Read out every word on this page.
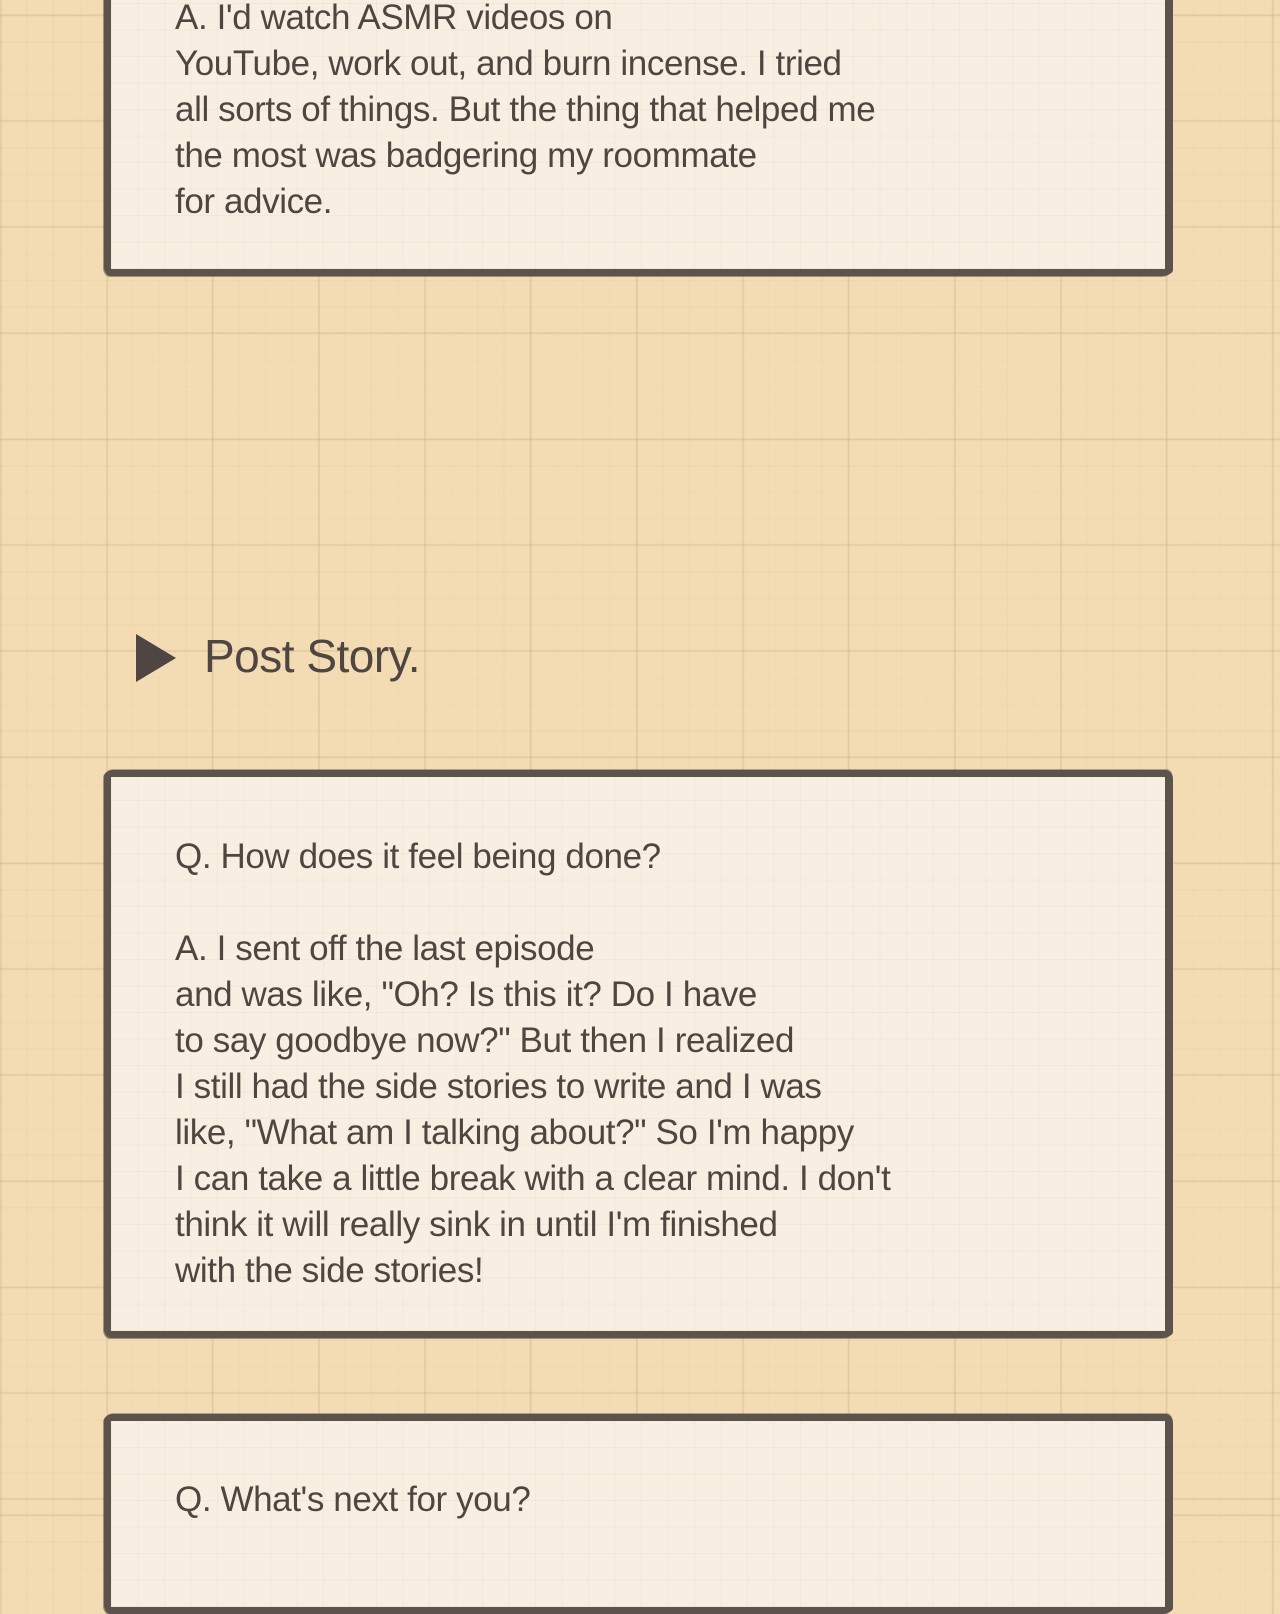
A. I'd watch ASMR videos on
YouTube, work out, and burn incense. I tried
all sorts of things. But the thing that helped me
the most was badgering my roommate
for advice.

Post Story.
Q. How does it feel being done?

A. I sent off the last episode
and was like, "Oh? Is this it? Do I have
to say goodbye now?" But then I realized
I still had the side stories to write and I was
like, "What am I talking about?" So I'm happy
I can take a little break with a clear mind. I don't
think it will really sink in until I'm finished
with the side stories!

Q. What's next for you?
